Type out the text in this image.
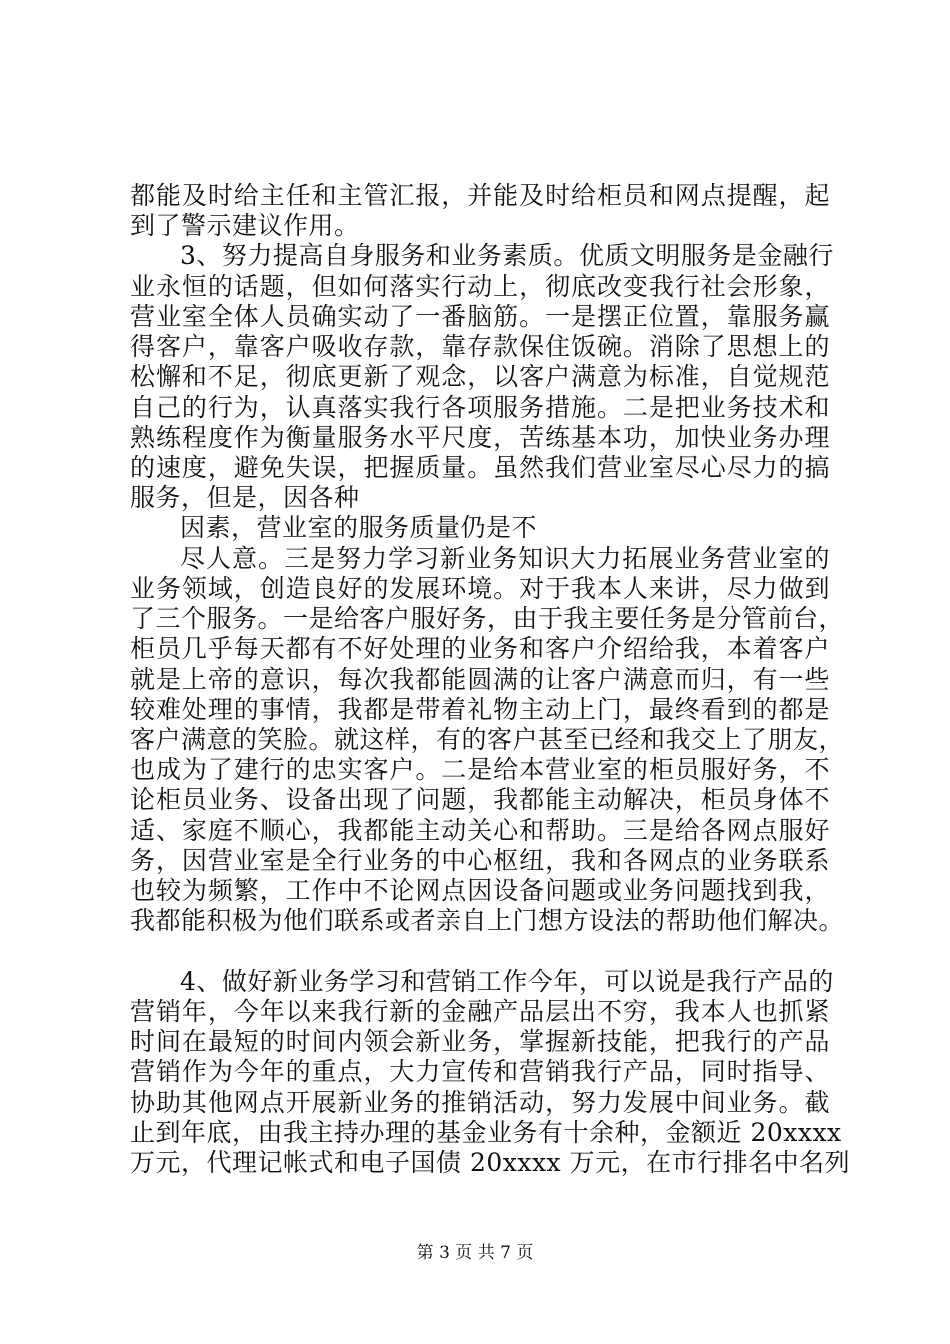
都能及时给主任和主管汇报，并能及时给柜员和网点提醒，起
到了警示建议作用。
3、努力提高自身服务和业务素质。优质文明服务是金融行
业永恒的话题，但如何落实行动上，彻底改变我行社会形象，
营业室全体人员确实动了一番脑筋。一是摆正位置，靠服务赢
得客户，靠客户吸收存款，靠存款保住饭碗。消除了思想上的
松懈和不足，彻底更新了观念，以客户满意为标准，自觉规范
自己的行为，认真落实我行各项服务措施。二是把业务技术和
熟练程度作为衡量服务水平尺度，苦练基本功，加快业务办理
的速度，避免失误，把握质量。虽然我们营业室尽心尽力的搞
服务，但是，因各种
因素，营业室的服务质量仍是不
尽人意。三是努力学习新业务知识大力拓展业务营业室的
业务领域，创造良好的发展环境。对于我本人来讲，尽力做到
了三个服务。一是给客户服好务，由于我主要任务是分管前台，
柜员几乎每天都有不好处理的业务和客户介绍给我，本着客户
就是上帝的意识，每次我都能圆满的让客户满意而归，有一些
较难处理的事情，我都是带着礼物主动上门，最终看到的都是
客户满意的笑脸。就这样，有的客户甚至已经和我交上了朋友，
也成为了建行的忠实客户。二是给本营业室的柜员服好务，不
论柜员业务、设备出现了问题，我都能主动解决，柜员身体不
适、家庭不顺心，我都能主动关心和帮助。三是给各网点服好
务，因营业室是全行业务的中心枢纽，我和各网点的业务联系
也较为频繁，工作中不论网点因设备问题或业务问题找到我，
我都能积极为他们联系或者亲自上门想方设法的帮助他们解决。
4、做好新业务学习和营销工作今年，可以说是我行产品的
营销年，今年以来我行新的金融产品层出不穷，我本人也抓紧
时间在最短的时间内领会新业务，掌握新技能，把我行的产品
营销作为今年的重点，大力宣传和营销我行产品，同时指导、
协助其他网点开展新业务的推销活动，努力发展中间业务。截
止到年底，由我主持办理的基金业务有十余种，金额近 20xxxx
万元，代理记帐式和电子国债 20xxxx 万元，在市行排名中名列
第 3 页 共 7 页
